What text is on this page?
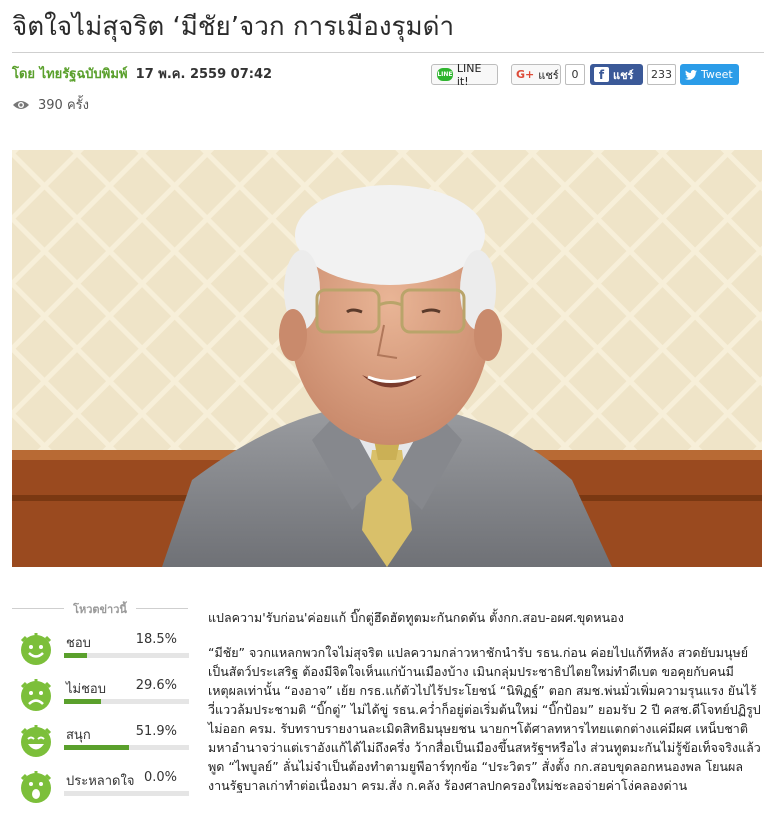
จิตใจไม่สุจริต ‘มีชัย’จวก การเมืองรุมด่า
โดย ไทยรัฐฉบับพิมพ์ 17 พ.ค. 2559 07:42
390 ครั้ง
LINE LINE it!	G+ แชร์	0	f แชร์	233	Tweet
โหวตข่าวนี้
ชอบ	18.5%
ไม่ชอบ 29.6%
สนุก	51.9%
ประหลาดใจ 0.0%

แปลความ'รับก่อน'ค่อยแก้ บิ๊กตู่ฮึดฮัดทูตมะกันกดดัน ตั้งกก.สอบ-อผศ.ขุดหนอง

“มีชัย” จวกแหลกพวกใจไม่สุจริต แปลความกล่าวหาชักนำรับ รธน.ก่อน ค่อยไปแก้ทีหลัง สวดยับมนุษย์เป็นสัตว์ประเสริฐ ต้องมีจิตใจเห็นแก่บ้านเมืองบ้าง เมินกลุ่มประชาธิปไตยใหม่ทำดีเบต ขอคุยกับคนมีเหตุผลเท่านั้น “องอาจ” เย้ย กรธ.แก้ตัวไปไร้ประโยชน์ “นิพิฏฐ์” ตอก สมช.พ่นมั่วเพิ่มความรุนแรง ยันไร้วี่แววล้มประชามติ “บิ๊กตู่” ไม่ได้ขู่ รธน.คว่ำก็อยู่ต่อเริ่มต้นใหม่ “บิ๊กป้อม” ยอมรับ 2 ปี คสช.ดีโจทย์ปฏิรูปไม่ออก ครม. รับทราบรายงานละเมิดสิทธิมนุษยชน นายกฯโต้ศาลทหารไทยแตกต่างแค่มีผศ เหน็บชาติมหาอำนาจว่าแต่เราอังแก้ได้ไม่ถึงครึ่ง ว้ากสื่อเป็นเมืองขึ้นสหรัฐฯหรือไง ส่วนทูตมะกันไม่รู้ข้อเท็จจริงแล้วพูด “ไพบูลย์” ลั่นไม่จำเป็นต้องทำตามยูพีอาร์ทุกข้อ “ประวิตร” สั่งตั้ง กก.สอบขุดลอกหนองพล โยนผลงานรัฐบาลเก่าทำต่อเนื่องมา ครม.สั่ง ก.คลัง ร้องศาลปกครองใหม่ชะลอจ่ายค่าโง่คลองด่าน
